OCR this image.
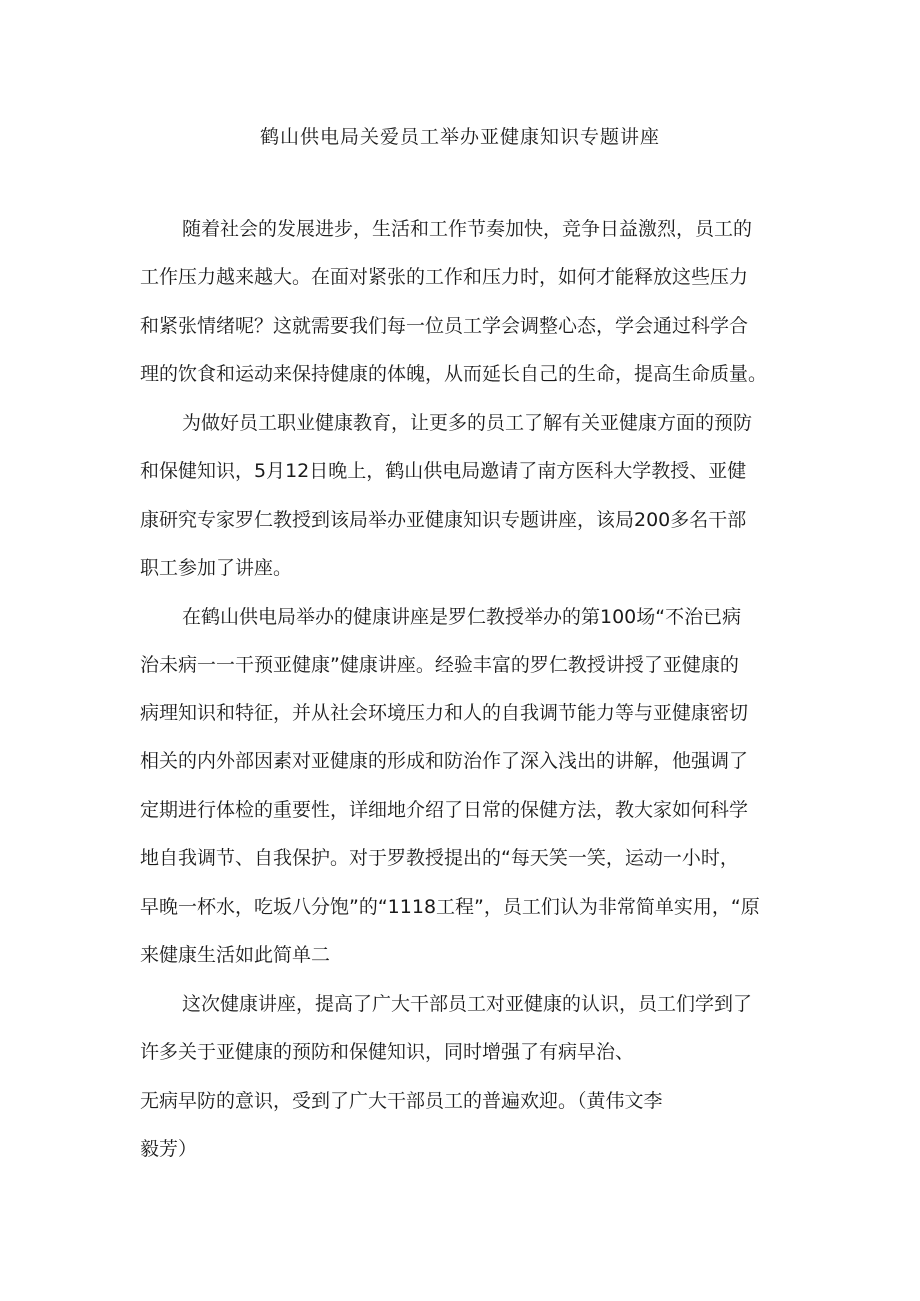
鹤山供电局关爱员工举办亚健康知识专题讲座

随着社会的发展进步，生活和工作节奏加快，竞争日益激烈，员工的

工作压力越来越大。在面对紧张的工作和压力时，如何才能释放这些压力

和紧张情绪呢？这就需要我们每一位员工学会调整心态，学会通过科学合

理的饮食和运动来保持健康的体魄，从而延长自己的生命，提高生命质量。

为做好员工职业健康教育，让更多的员工了解有关亚健康方面的预防

和保健知识，5月12日晚上，鹤山供电局邀请了南方医科大学教授、亚健

康研究专家罗仁教授到该局举办亚健康知识专题讲座，该局200多名干部

职工参加了讲座。

在鹤山供电局举办的健康讲座是罗仁教授举办的第100场“不治已病

治未病一一干预亚健康”健康讲座。经验丰富的罗仁教授讲授了亚健康的

病理知识和特征，并从社会环境压力和人的自我调节能力等与亚健康密切

相关的内外部因素对亚健康的形成和防治作了深入浅出的讲解，他强调了

定期进行体检的重要性，详细地介绍了日常的保健方法，教大家如何科学

地自我调节、自我保护。对于罗教授提出的“每天笑一笑，运动一小时，

早晚一杯水，吃坂八分饱”的“1118工程”，员工们认为非常简单实用，“原

来健康生活如此简单二

这次健康讲座，提高了广大干部员工对亚健康的认识，员工们学到了

许多关于亚健康的预防和保健知识，同时增强了有病早治、

无病早防的意识，受到了广大干部员工的普遍欢迎。（黄伟文李

毅芳）
